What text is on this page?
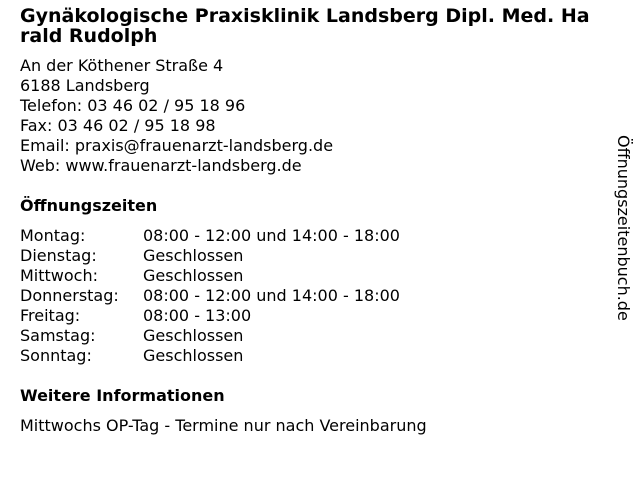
Gynäkologische Praxisklinik Landsberg Dipl. Med. Harald Rudolph
An der Köthener Straße 4
6188 Landsberg
Telefon: 03 46 02 / 95 18 96
Fax: 03 46 02 / 95 18 98
Email: praxis@frauenarzt-landsberg.de
Web: www.frauenarzt-landsberg.de
Öffnungszeiten
Montag:	08:00 - 12:00 und 14:00 - 18:00
Dienstag:	Geschlossen
Mittwoch:	Geschlossen
Donnerstag:	08:00 - 12:00 und 14:00 - 18:00
Freitag:	08:00 - 13:00
Samstag:	Geschlossen
Sonntag:	Geschlossen
Weitere Informationen
Mittwochs OP-Tag - Termine nur nach Vereinbarung
Öffnungszeitenbuch.de
